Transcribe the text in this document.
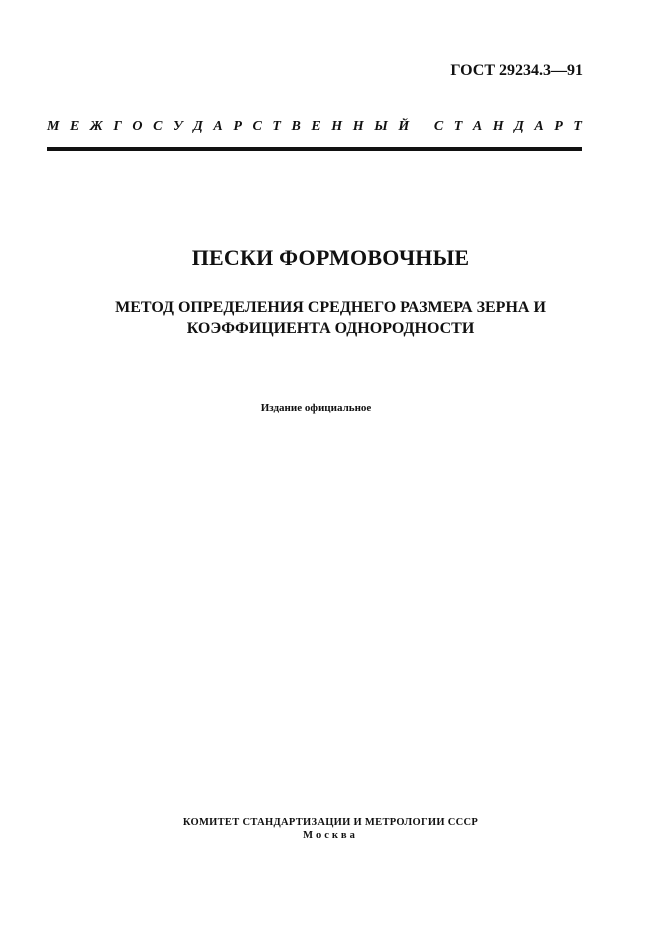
ГОСТ 29234.3—91
М Е Ж Г О С У Д А Р С Т В Е Н Н Ы Й
С Т А Н Д А Р Т
ПЕСКИ ФОРМОВОЧНЫЕ
МЕТОД ОПРЕДЕЛЕНИЯ СРЕДНЕГО РАЗМЕРА ЗЕРНА И
КОЭФФИЦИЕНТА ОДНОРОДНОСТИ
Издание официальное
КОМИТЕТ СТАНДАРТИЗАЦИИ И МЕТРОЛОГИИ СССР
Москва
